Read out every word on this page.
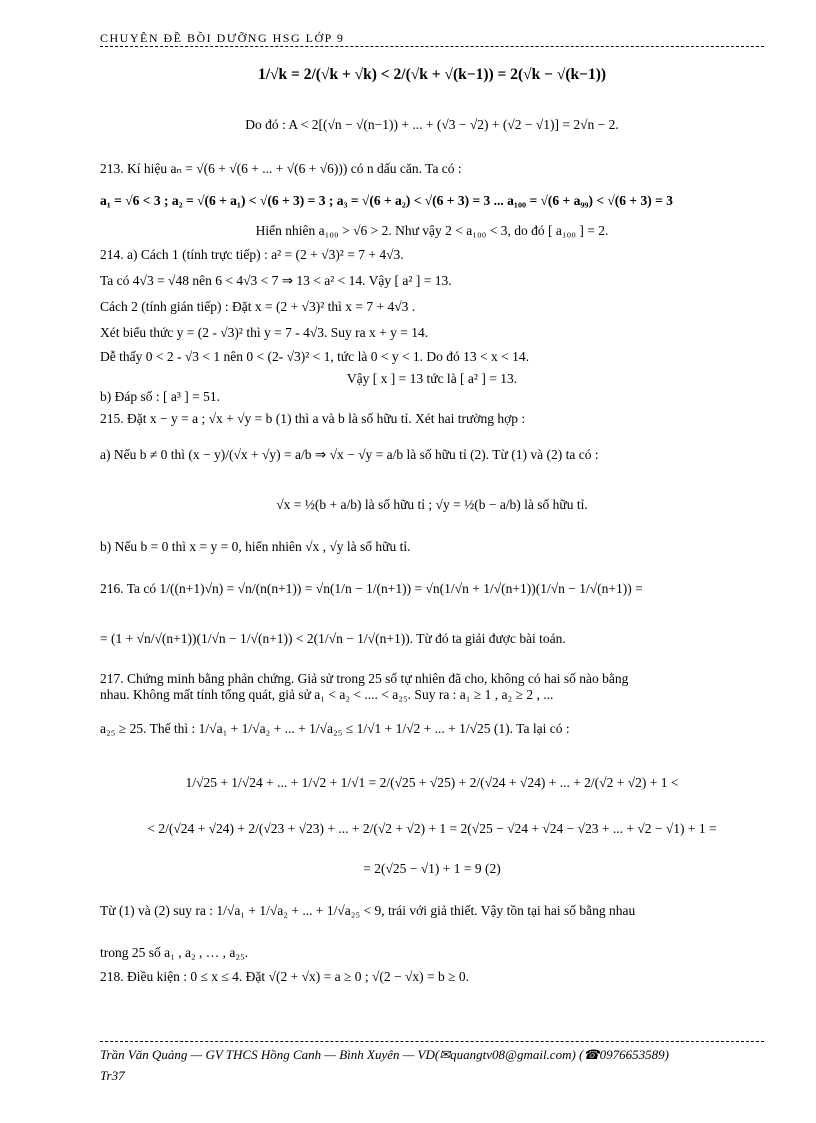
CHUYÊN ĐỀ BỒI DƯỠNG HSG LỚP 9
1/√k = 2/(√k + √k) < 2/(√k + √(k−1)) = 2(√k − √(k−1))
Do đó : A < 2[(√n − √(n−1)) + ... + (√3 − √2) + (√2 − √1)] = 2√n − 2.
213. Kí hiệu aₙ = √(6 + √(6 + ... + √(6 + √6))) có n dấu căn. Ta có :
a₁ = √6 < 3 ; a₂ = √(6 + a₁) < √(6 + 3) = 3 ; a₃ = √(6 + a₂) < √(6 + 3) = 3 ... a₁₀₀ = √(6 + a₉₉) < √(6 + 3) = 3
Hiển nhiên a₁₀₀ > √6 > 2. Như vậy 2 < a₁₀₀ < 3, do đó [ a₁₀₀ ] = 2.
214. a) Cách 1 (tính trực tiếp) : a² = (2 + √3)² = 7 + 4√3.
Ta có 4√3 = √48 nên 6 < 4√3 < 7 ⇒ 13 < a² < 14. Vậy [ a² ] = 13.
Cách 2 (tính gián tiếp) : Đặt x = (2 + √3)² thì x = 7 + 4√3 .
Xét biểu thức y = (2 - √3)² thì y = 7 - 4√3. Suy ra x + y = 14.
Dễ thấy 0 < 2 - √3 < 1 nên 0 < (2- √3)² < 1, tức là 0 < y < 1. Do đó 13 < x < 14.
Vậy [ x ] = 13 tức là [ a² ] = 13.
b) Đáp số : [ a³ ] = 51.
215. Đặt x − y = a ; √x + √y = b (1) thì a và b là số hữu tỉ. Xét hai trường hợp :
a) Nếu b ≠ 0 thì (x − y)/(√x + √y) = a/b ⇒ √x − √y = a/b là số hữu tỉ (2). Từ (1) và (2) ta có :
√x = ½(b + a/b) là số hữu tỉ ; √y = ½(b − a/b) là số hữu tỉ.
b) Nếu b = 0 thì x = y = 0, hiển nhiên √x , √y là số hữu tỉ.
216. Ta có 1/((n+1)√n) = √n/(n(n+1)) = √n(1/n − 1/(n+1)) = √n(1/√n + 1/√(n+1))(1/√n − 1/√(n+1)) =
= (1 + √n/√(n+1))(1/√n − 1/√(n+1)) < 2(1/√n − 1/√(n+1)). Từ đó ta giải được bài toán.
217. Chứng minh bằng phản chứng. Giả sử trong 25 số tự nhiên đã cho, không có hai số nào bằng
nhau. Không mất tính tổng quát, giả sử a₁ < a₂ < .... < a₂₅. Suy ra : a₁ ≥ 1 , a₂ ≥ 2 , ...
a₂₅ ≥ 25. Thế thì : 1/√a₁ + 1/√a₂ + ... + 1/√a₂₅ ≤ 1/√1 + 1/√2 + ... + 1/√25 (1). Ta lại có :
1/√25 + 1/√24 + ... + 1/√2 + 1/√1 = 2/(√25 + √25) + 2/(√24 + √24) + ... + 2/(√2 + √2) + 1 <
< 2/(√24 + √24) + 2/(√23 + √23) + ... + 2/(√2 + √2) + 1 = 2(√25 − √24 + √24 − √23 + ... + √2 − √1) + 1 =
= 2(√25 − √1) + 1 = 9 (2)
Từ (1) và (2) suy ra : 1/√a₁ + 1/√a₂ + ... + 1/√a₂₅ < 9, trái với giả thiết. Vậy tồn tại hai số bằng nhau
trong 25 số a₁ , a₂ , … , a₂₅.
218. Điều kiện : 0 ≤ x ≤ 4. Đặt √(2 + √x) = a ≥ 0 ; √(2 − √x) = b ≥ 0.
Trần Văn Quảng — GV THCS Hồng Canh — Bình Xuyên — VD(✉quangtv08@gmail.com) (☎0976653589)
Tr37
